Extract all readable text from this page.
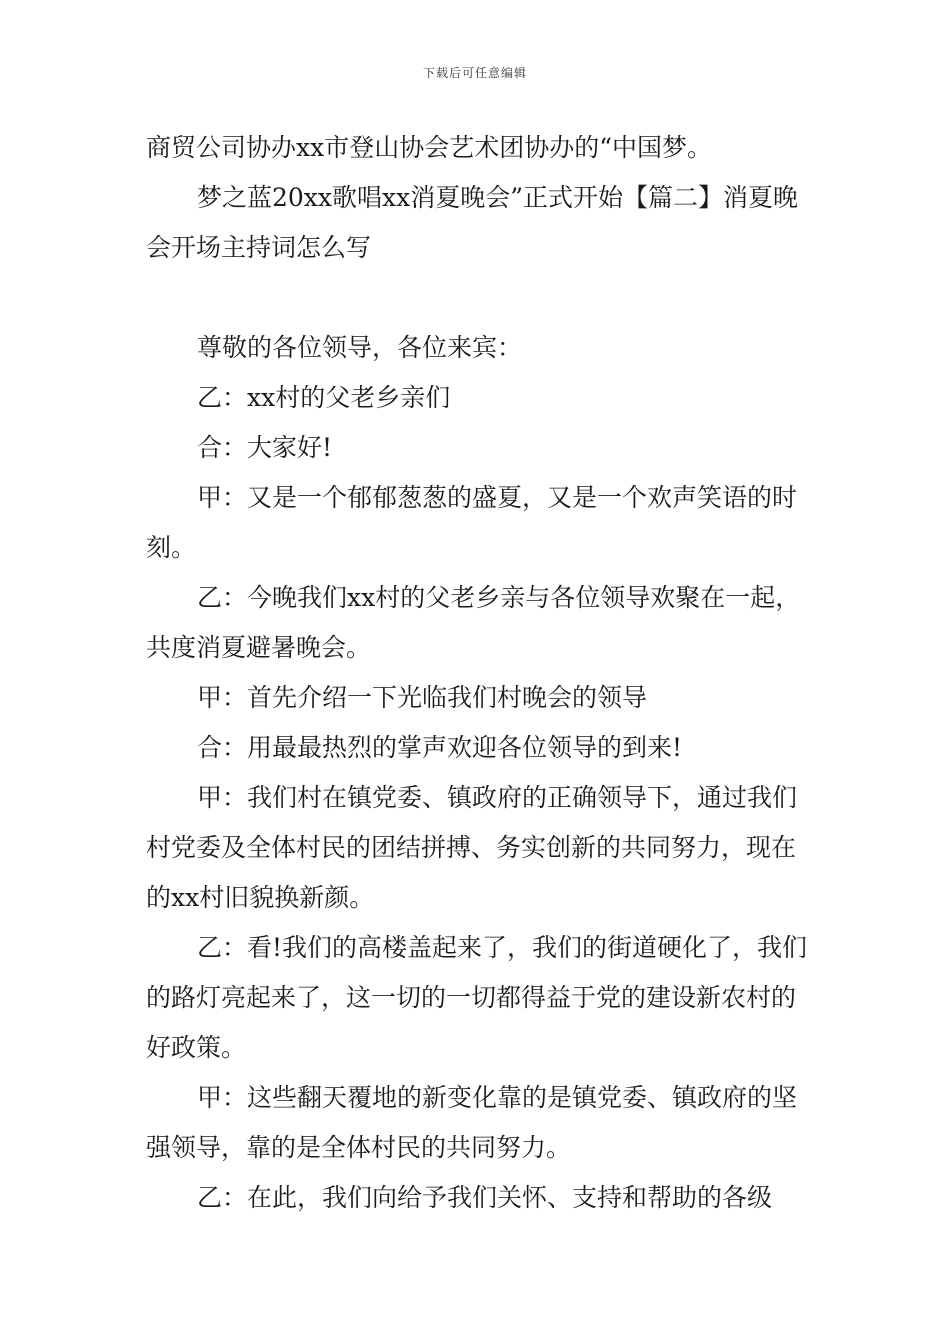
下载后可任意编辑

商贸公司协办xx市登山协会艺术团协办的“中国梦。

梦之蓝20xx歌唱xx消夏晚会”正式开始【篇二】消夏晚会开场主持词怎么写

尊敬的各位领导，各位来宾：

乙：xx村的父老乡亲们

合：大家好!

甲：又是一个郁郁葱葱的盛夏，又是一个欢声笑语的时刻。

乙：今晚我们xx村的父老乡亲与各位领导欢聚在一起，共度消夏避暑晚会。

甲：首先介绍一下光临我们村晚会的领导

合：用最最热烈的掌声欢迎各位领导的到来!

甲：我们村在镇党委、镇政府的正确领导下，通过我们村党委及全体村民的团结拼搏、务实创新的共同努力，现在的xx村旧貌换新颜。

乙：看!我们的高楼盖起来了，我们的街道硬化了，我们的路灯亮起来了，这一切的一切都得益于党的建设新农村的好政策。

甲：这些翻天覆地的新变化靠的是镇党委、镇政府的坚强领导，靠的是全体村民的共同努力。

乙：在此，我们向给予我们关怀、支持和帮助的各级
